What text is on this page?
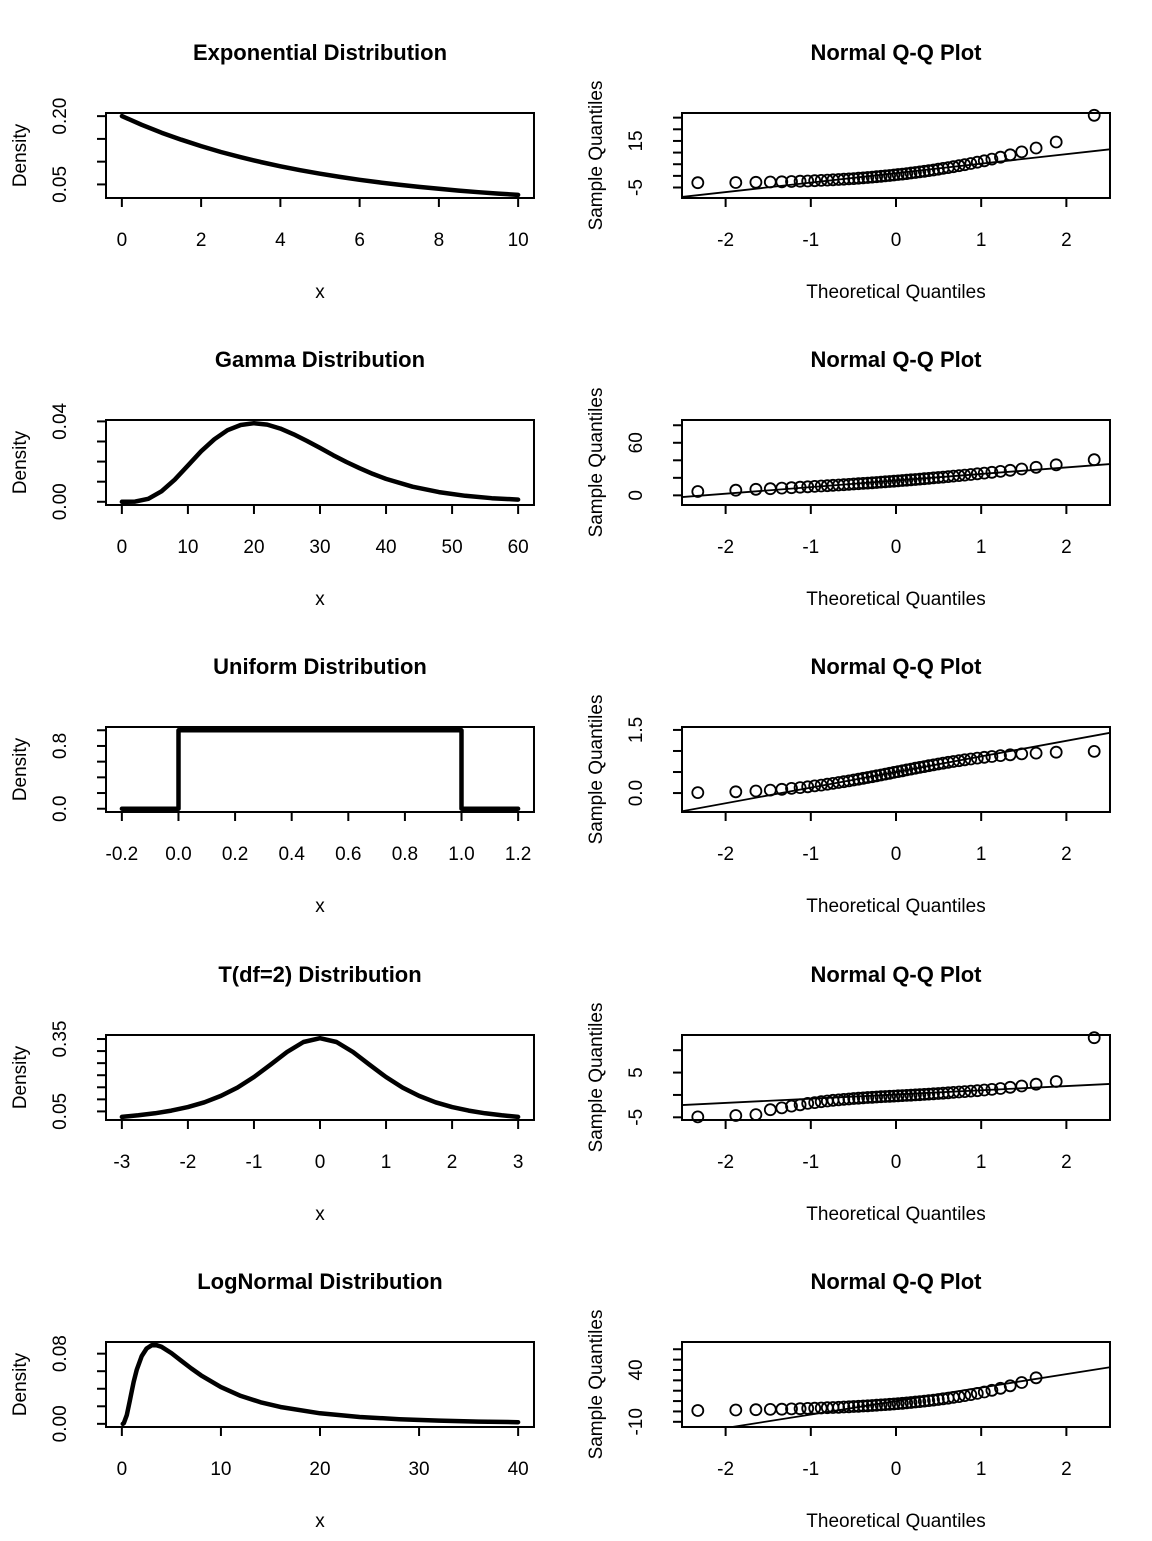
Exponential Distribution
0	2	4	6	8	10
0.05
0.20
x
Density
Normal Q-Q Plot
-2	-1	0	1	2
-5
15
Theoretical Quantiles
Sample Quantiles
Gamma Distribution
0	10 20 30 40 50 60
0.00
0.04
x
Density
Normal Q-Q Plot
-2	-1	0	1	2
0
60
Theoretical Quantiles
Sample Quantiles
Uniform Distribution
-0.2 0.0 0.2 0.4 0.6 0.8 1.0 1.2
0.0
0.8
x
Density
Normal Q-Q Plot
-2	-1	0	1	2
0.0
1.5
Theoretical Quantiles
Sample Quantiles
T(df=2) Distribution
-3	-2	-1	0	1	2	3
0.05
0.35
x
Density
Normal Q-Q Plot
-2	-1	0	1	2
-5
5
Theoretical Quantiles
Sample Quantiles
LogNormal Distribution
0	10	20	30	40
0.00
0.08
x
Density
Normal Q-Q Plot
-2	-1	0	1	2
-10
40
Theoretical Quantiles
Sample Quantiles
